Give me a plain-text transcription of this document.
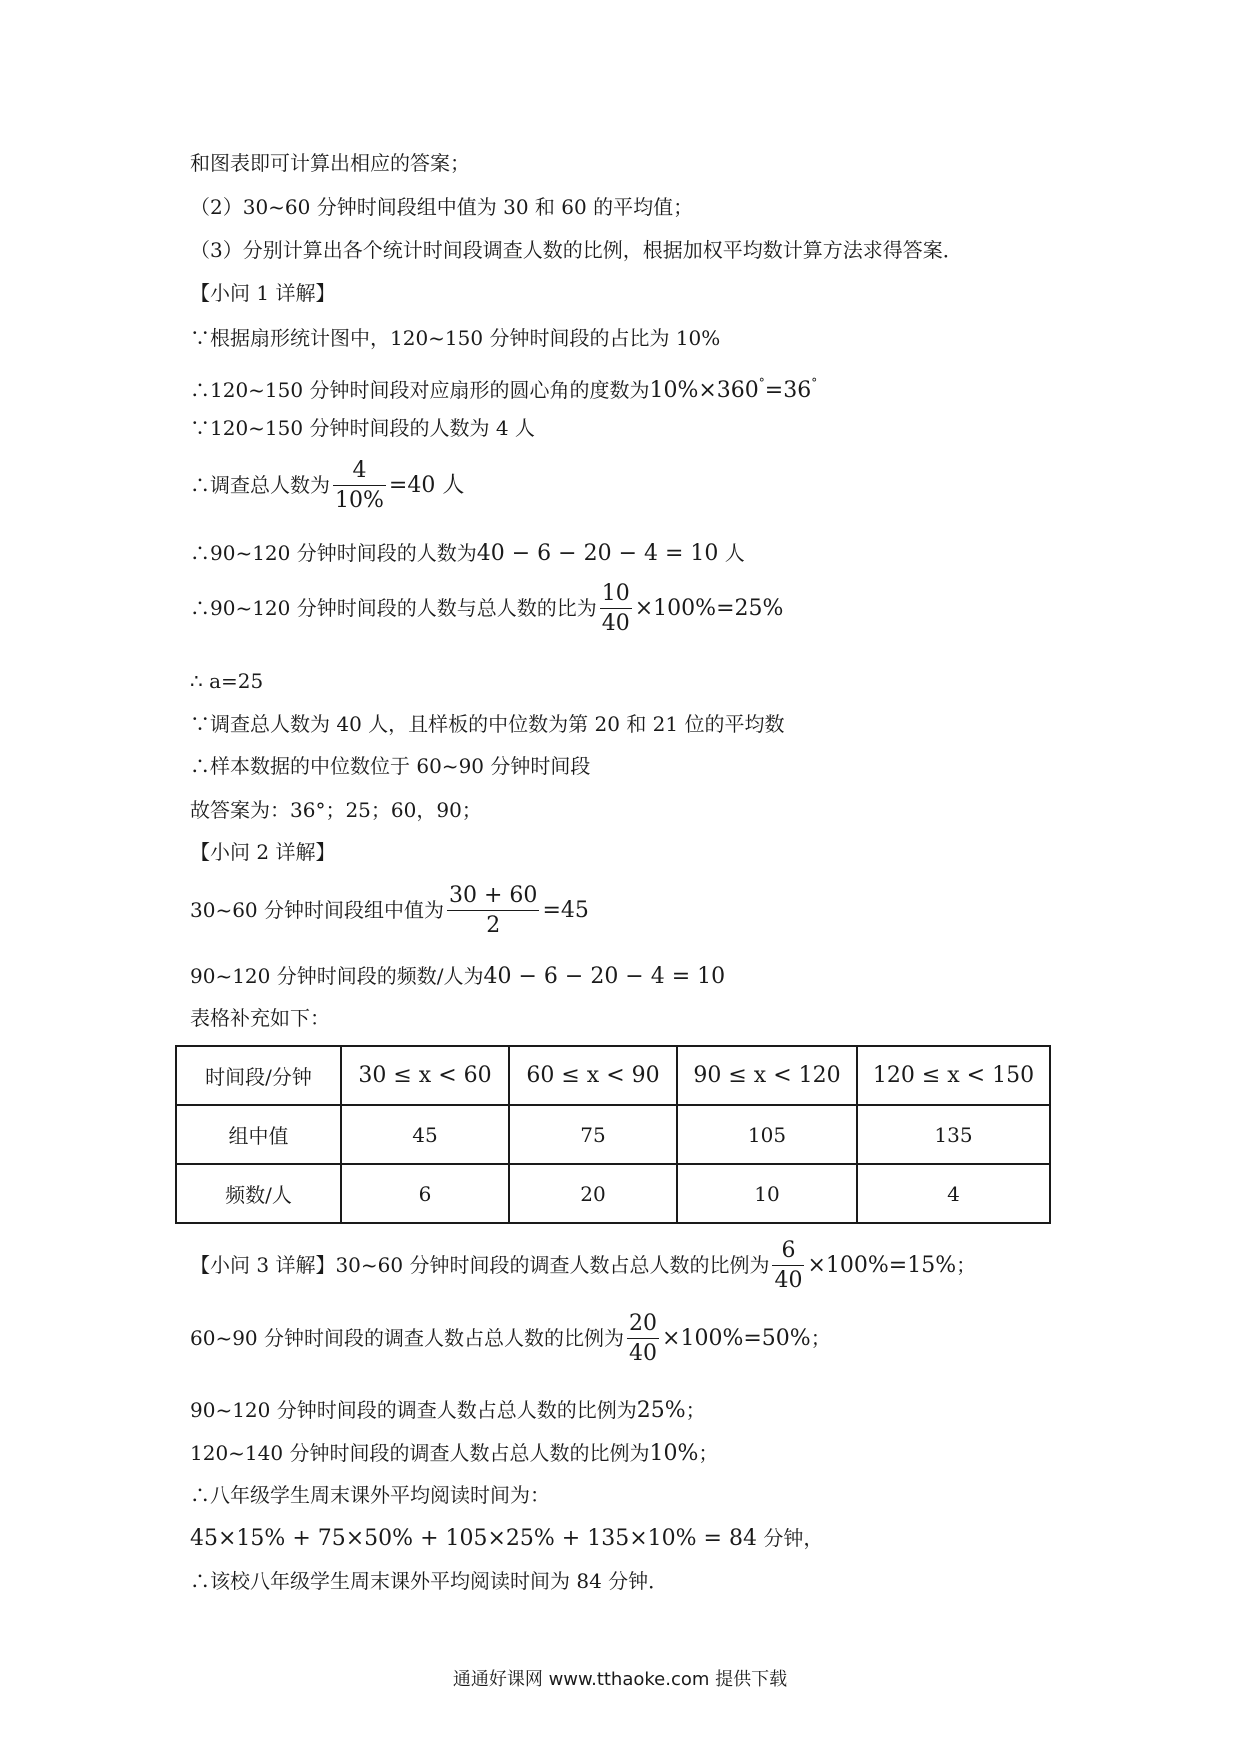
和图表即可计算出相应的答案；
（2）30~60 分钟时间段组中值为 30 和 60 的平均值；
（3）分别计算出各个统计时间段调查人数的比例，根据加权平均数计算方法求得答案．
【小问 1 详解】
∵根据扇形统计图中，120~150 分钟时间段的占比为 10%
∴120~150 分钟时间段对应扇形的圆心角的度数为10%×360°=36°
∵120~150 分钟时间段的人数为 4 人
∴调查总人数为 $\frac{4}{10\%} =40$ 人
∴90~120 分钟时间段的人数为40 − 6 − 20 − 4 = 10 人
∴90~120 分钟时间段的人数与总人数的比为 $\frac{10}{40} \times 100\%=25\%$
∴ a=25
∵调查总人数为 40 人，且样板的中位数为第 20 和 21 位的平均数
∴样本数据的中位数位于 60~90 分钟时间段
故答案为：36°；25；60，90；
【小问 2 详解】
30~60 分钟时间段组中值为 $\frac{30 + 60}{2} =45$
90~120 分钟时间段的频数/人为40 − 6 − 20 − 4 = 10
表格补充如下：
时间段/分钟	30 ≤ x < 60	60 ≤ x < 90	90 ≤ x < 120	120 ≤ x < 150
组中值	45	75	105	135
频数/人	6	20	10	4
【小问 3 详解】30~60 分钟时间段的调查人数占总人数的比例为 $\frac{6}{40} \times 100\%=15\%$；
60~90 分钟时间段的调查人数占总人数的比例为 $\frac{20}{40} \times 100\%=50\%$；
90~120 分钟时间段的调查人数占总人数的比例为25%；
120~140 分钟时间段的调查人数占总人数的比例为10%；
∴八年级学生周末课外平均阅读时间为：
45×15% + 75×50% + 105×25% + 135×10% = 84 分钟，
∴该校八年级学生周末课外平均阅读时间为 84 分钟．
通通好课网 www.tthaoke.com 提供下载
